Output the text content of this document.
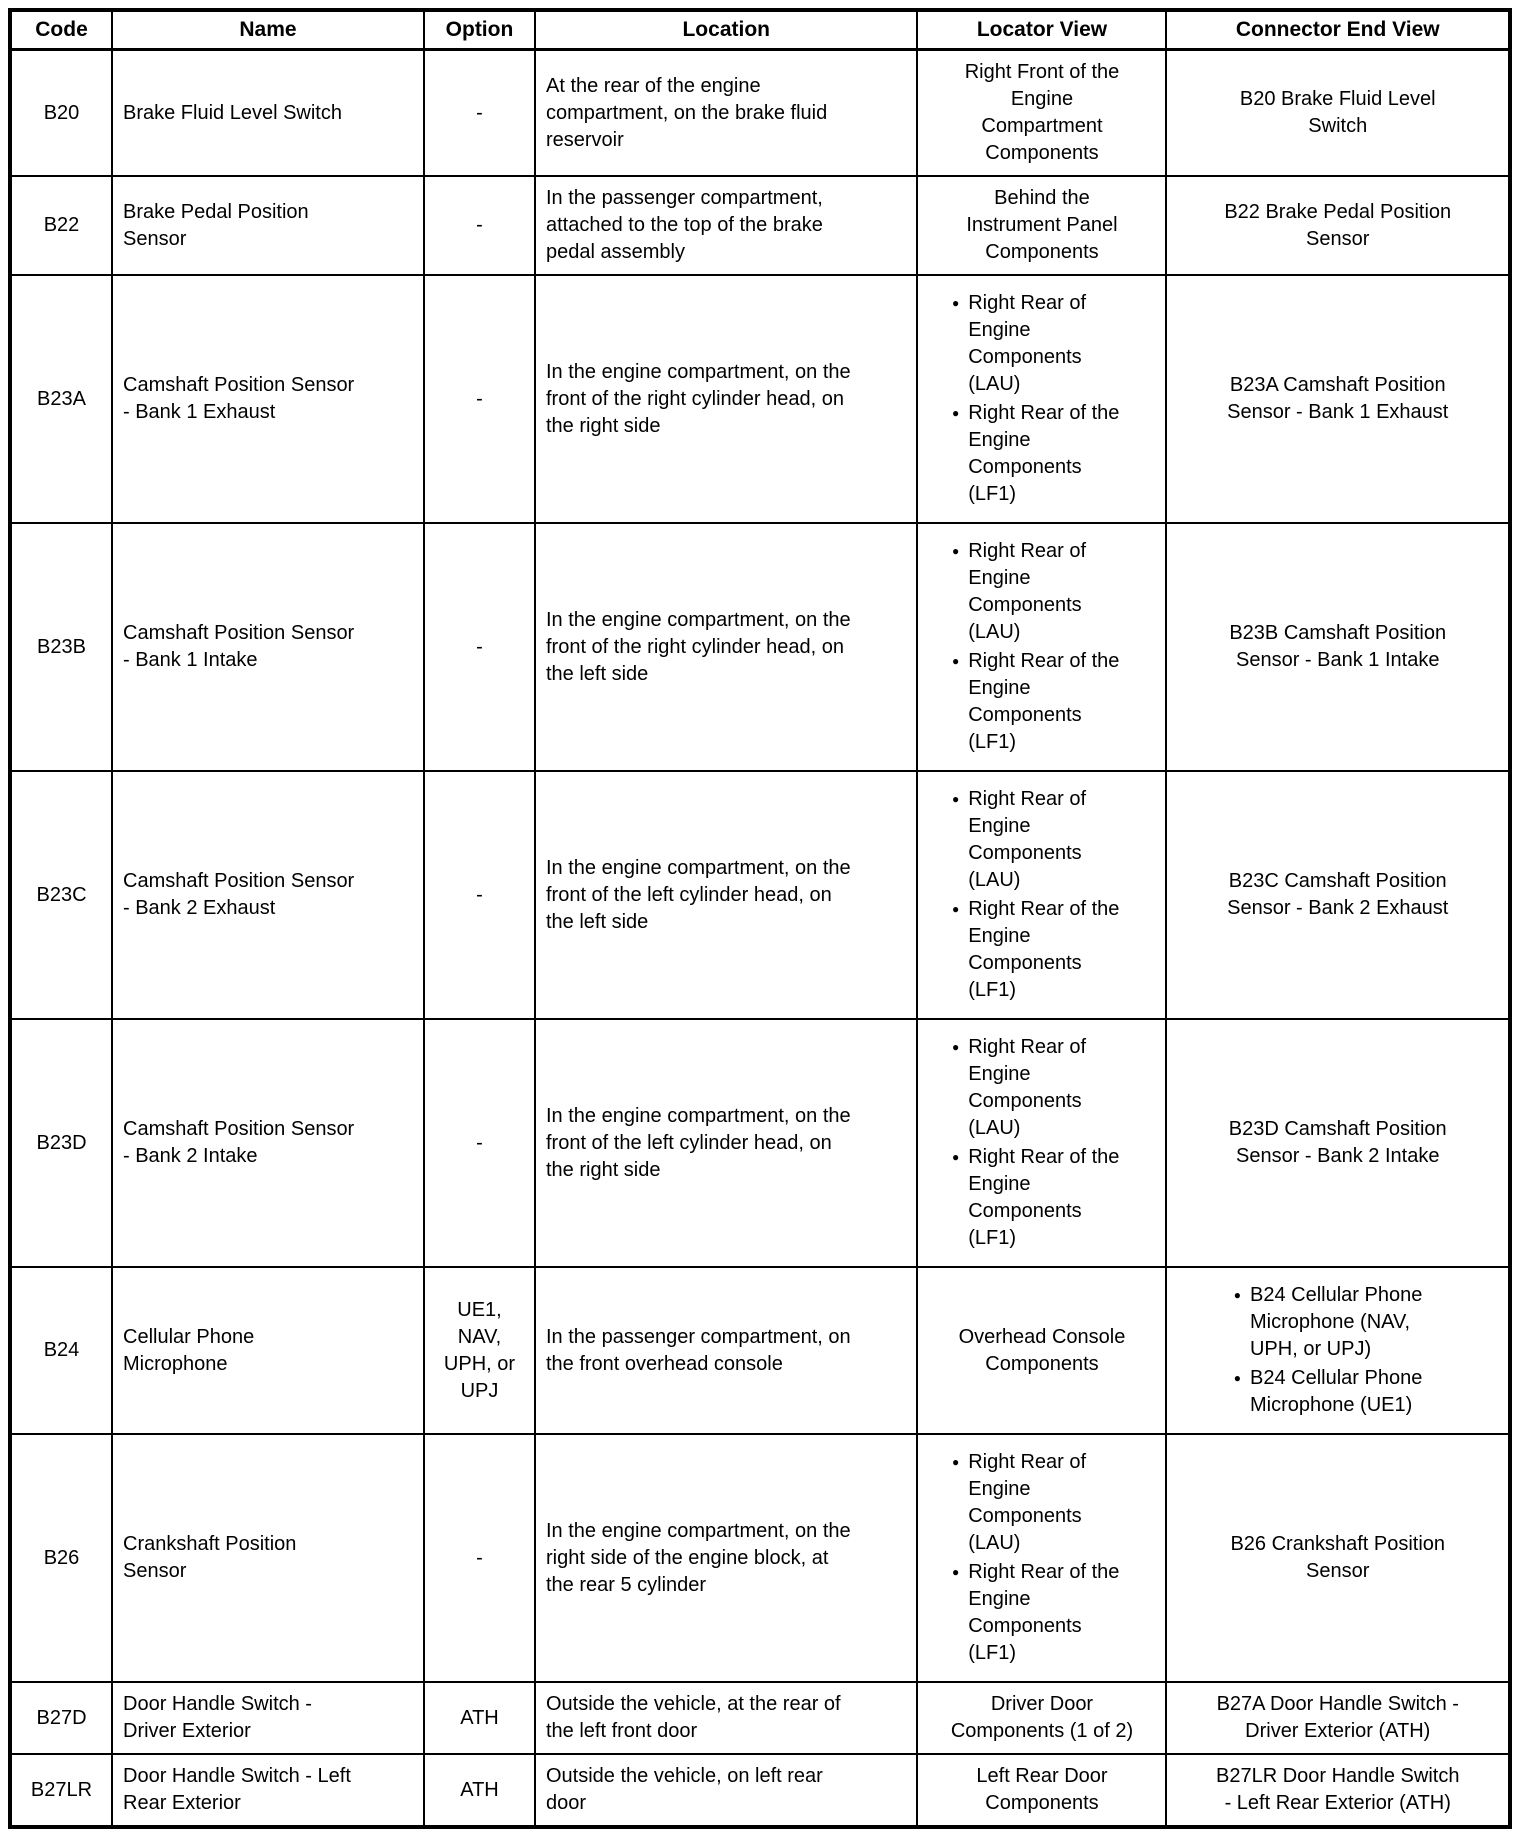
Code	Name	Option	Location	Locator View	Connector End View

B20	Brake Fluid Level Switch	-	At the rear of the engine compartment, on the brake fluid reservoir	Right Front of the Engine Compartment Components	B20 Brake Fluid Level Switch

B22	Brake Pedal Position Sensor	-	In the passenger compartment, attached to the top of the brake pedal assembly	Behind the Instrument Panel Components	B22 Brake Pedal Position Sensor

B23A	Camshaft Position Sensor - Bank 1 Exhaust	-	In the engine compartment, on the front of the right cylinder head, on the right side	● Right Rear of Engine Components (LAU)
● Right Rear of the Engine Components (LF1)	B23A Camshaft Position Sensor - Bank 1 Exhaust

B23B	Camshaft Position Sensor - Bank 1 Intake	-	In the engine compartment, on the front of the right cylinder head, on the left side	● Right Rear of Engine Components (LAU)
● Right Rear of the Engine Components (LF1)	B23B Camshaft Position Sensor - Bank 1 Intake

B23C	Camshaft Position Sensor - Bank 2 Exhaust	-	In the engine compartment, on the front of the left cylinder head, on the left side	● Right Rear of Engine Components (LAU)
● Right Rear of the Engine Components (LF1)	B23C Camshaft Position Sensor - Bank 2 Exhaust

B23D	Camshaft Position Sensor - Bank 2 Intake	-	In the engine compartment, on the front of the left cylinder head, on the right side	● Right Rear of Engine Components (LAU)
● Right Rear of the Engine Components (LF1)	B23D Camshaft Position Sensor - Bank 2 Intake

B24	Cellular Phone Microphone	UE1, NAV, UPH, or UPJ	In the passenger compartment, on the front overhead console	Overhead Console Components	● B24 Cellular Phone Microphone (NAV, UPH, or UPJ)
● B24 Cellular Phone Microphone (UE1)

B26	Crankshaft Position Sensor	-	In the engine compartment, on the right side of the engine block, at the rear 5 cylinder	● Right Rear of Engine Components (LAU)
● Right Rear of the Engine Components (LF1)	B26 Crankshaft Position Sensor

B27D	Door Handle Switch - Driver Exterior	ATH	Outside the vehicle, at the rear of the left front door	Driver Door Components (1 of 2)	B27A Door Handle Switch - Driver Exterior (ATH)

B27LR	Door Handle Switch - Left Rear Exterior	ATH	Outside the vehicle, on left rear door	Left Rear Door Components	B27LR Door Handle Switch - Left Rear Exterior (ATH)
